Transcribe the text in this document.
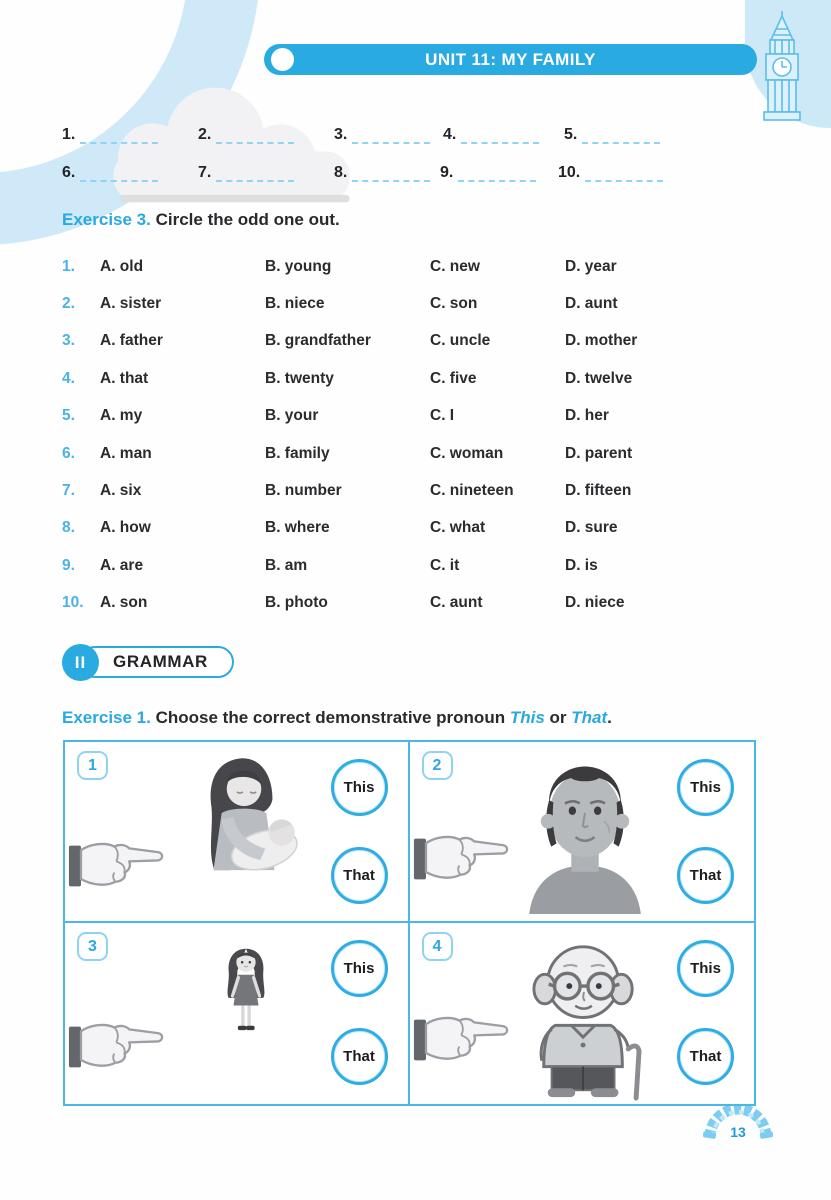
UNIT 11: MY FAMILY
1.	2.	3.	4.	5.
6.	7.	8.	9.	10.
Exercise 3. Circle the odd one out.
1.	A. old	B. young	C. new	D. year
2.	A. sister	B. niece	C. son	D. aunt
3.	A. father	B. grandfather	C. uncle	D. mother
4.	A. that	B. twenty	C. five	D. twelve
5.	A. my	B. your	C. I	D. her
6.	A. man	B. family	C. woman	D. parent
7.	A. six	B. number	C. nineteen	D. fifteen
8.	A. how	B. where	C. what	D. sure
9.	A. are	B. am	C. it	D. is
10.	A. son	B. photo	C. aunt	D. niece
II GRAMMAR
Exercise 1. Choose the correct demonstrative pronoun This or That.
1
This
That
2
This
That
3
This
That
4
This
That
13
